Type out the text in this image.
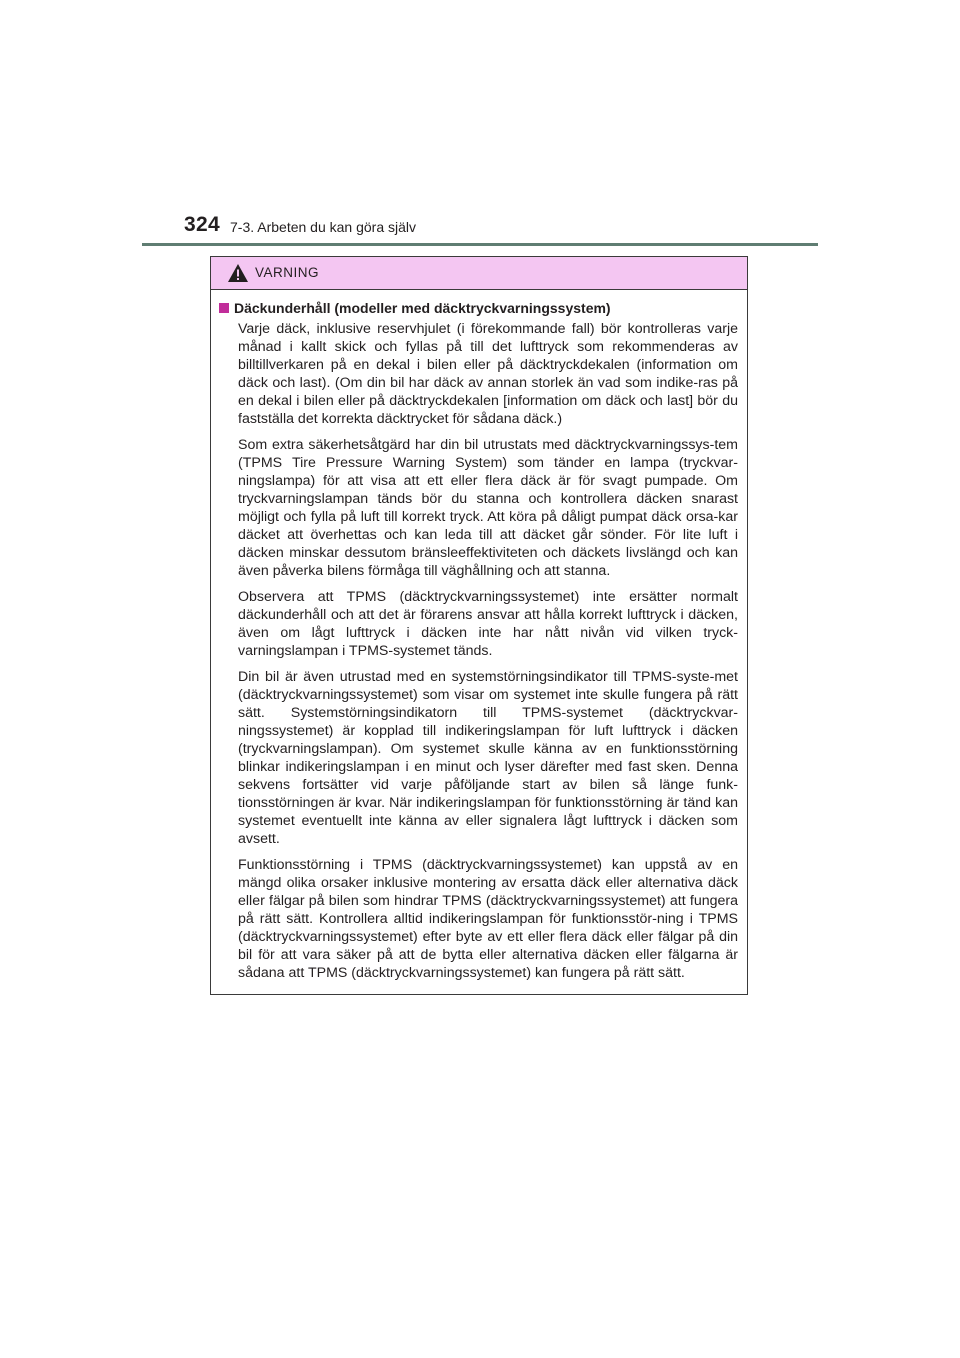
324 7-3. Arbeten du kan göra själv
VARNING
Däckunderhåll (modeller med däcktryckvarningssystem)

Varje däck, inklusive reservhjulet (i förekommande fall) bör kontrolleras varje månad i kallt skick och fyllas på till det lufttryck som rekommenderas av billtillverkaren på en dekal i bilen eller på däcktryckdekalen (information om däck och last). (Om din bil har däck av annan storlek än vad som indike-ras på en dekal i bilen eller på däcktryckdekalen [information om däck och last] bör du fastställa det korrekta däcktrycket för sådana däck.)

Som extra säkerhetsåtgärd har din bil utrustats med däcktryckvarningssys-tem (TPMS Tire Pressure Warning System) som tänder en lampa (tryckvar-ningslampa) för att visa att ett eller flera däck är för svagt pumpade. Om tryckvarningslampan tänds bör du stanna och kontrollera däcken snarast möjligt och fylla på luft till korrekt tryck. Att köra på dåligt pumpat däck orsa-kar däcket att överhettas och kan leda till att däcket går sönder. För lite luft i däcken minskar dessutom bränsleeffektiviteten och däckets livslängd och kan även påverka bilens förmåga till väghållning och att stanna.

Observera att TPMS (däcktryckvarningssystemet) inte ersätter normalt däckunderhåll och att det är förarens ansvar att hålla korrekt lufttryck i däcken, även om lågt lufttryck i däcken inte har nått nivån vid vilken tryck-varningslampan i TPMS-systemet tänds.

Din bil är även utrustad med en systemstörningsindikator till TPMS-syste-met (däcktryckvarningssystemet) som visar om systemet inte skulle fungera på rätt sätt. Systemstörningsindikatorn till TPMS-systemet (däcktryckvar-ningssystemet) är kopplad till indikeringslampan för luft lufttryck i däcken (tryckvarningslampan). Om systemet skulle känna av en funktionsstörning blinkar indikeringslampan i en minut och lyser därefter med fast sken. Denna sekvens fortsätter vid varje påföljande start av bilen så länge funk-tionsstörningen är kvar. När indikeringslampan för funktionsstörning är tänd kan systemet eventuellt inte känna av eller signalera lågt lufttryck i däcken som avsett.

Funktionsstörning i TPMS (däcktryckvarningssystemet) kan uppstå av en mängd olika orsaker inklusive montering av ersatta däck eller alternativa däck eller fälgar på bilen som hindrar TPMS (däcktryckvarningssystemet) att fungera på rätt sätt. Kontrollera alltid indikeringslampan för funktionsstör-ning i TPMS (däcktryckvarningssystemet) efter byte av ett eller flera däck eller fälgar på din bil för att vara säker på att de bytta eller alternativa däcken eller fälgarna är sådana att TPMS (däcktryckvarningssystemet) kan fungera på rätt sätt.
